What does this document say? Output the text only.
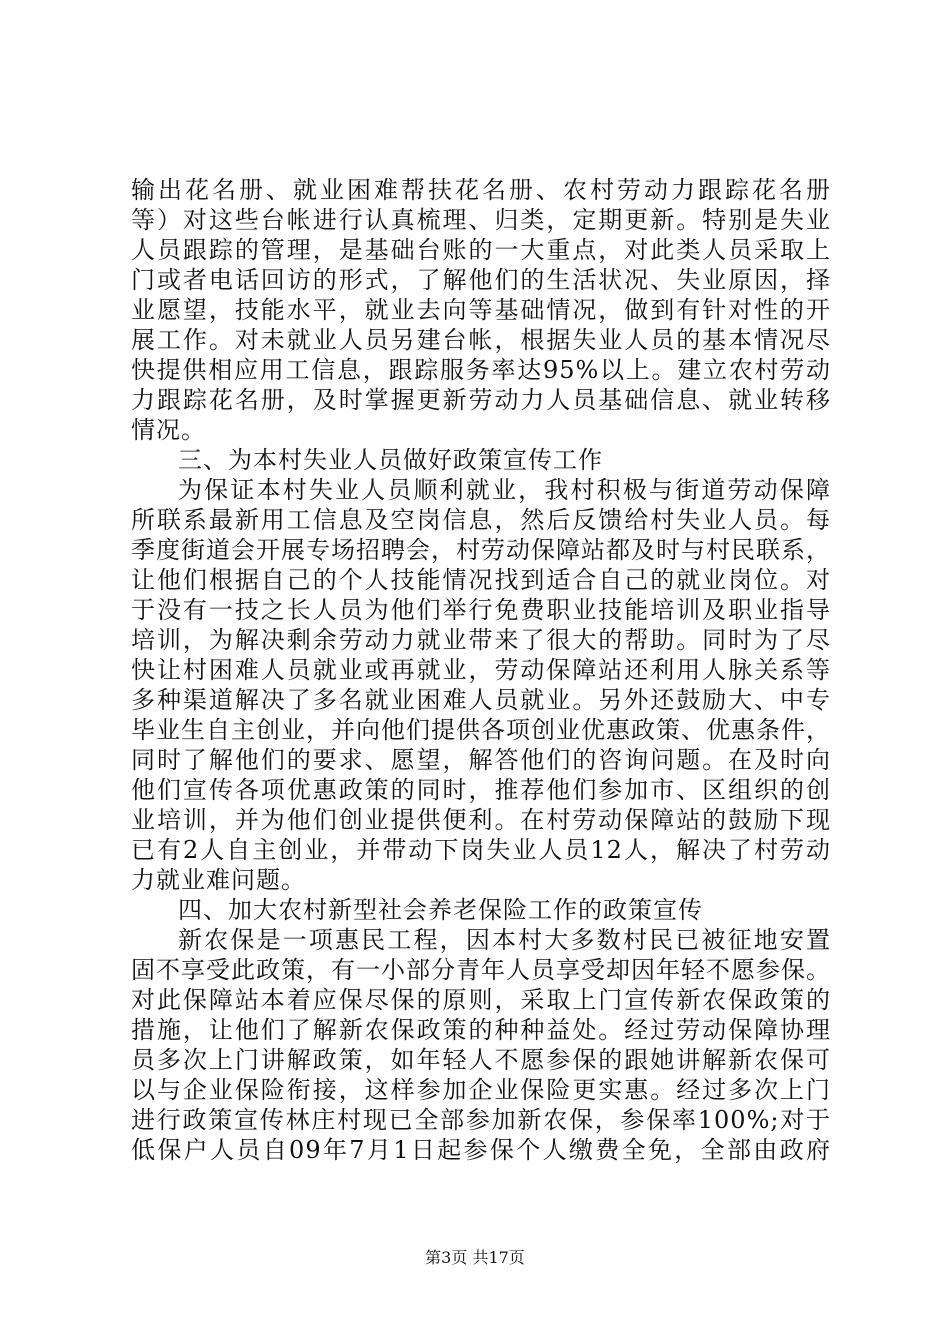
输出花名册、就业困难帮扶花名册、农村劳动力跟踪花名册
等）对这些台帐进行认真梳理、归类，定期更新。特别是失业
人员跟踪的管理，是基础台账的一大重点，对此类人员采取上
门或者电话回访的形式，了解他们的生活状况、失业原因，择
业愿望，技能水平，就业去向等基础情况，做到有针对性的开
展工作。对未就业人员另建台帐，根据失业人员的基本情况尽
快提供相应用工信息，跟踪服务率达95%以上。建立农村劳动
力跟踪花名册，及时掌握更新劳动力人员基础信息、就业转移
情况。
三、为本村失业人员做好政策宣传工作
为保证本村失业人员顺利就业，我村积极与街道劳动保障
所联系最新用工信息及空岗信息，然后反馈给村失业人员。每
季度街道会开展专场招聘会，村劳动保障站都及时与村民联系，
让他们根据自己的个人技能情况找到适合自己的就业岗位。对
于没有一技之长人员为他们举行免费职业技能培训及职业指导
培训，为解决剩余劳动力就业带来了很大的帮助。同时为了尽
快让村困难人员就业或再就业，劳动保障站还利用人脉关系等
多种渠道解决了多名就业困难人员就业。另外还鼓励大、中专
毕业生自主创业，并向他们提供各项创业优惠政策、优惠条件，
同时了解他们的要求、愿望，解答他们的咨询问题。在及时向
他们宣传各项优惠政策的同时，推荐他们参加市、区组织的创
业培训，并为他们创业提供便利。在村劳动保障站的鼓励下现
已有2人自主创业，并带动下岗失业人员12人，解决了村劳动
力就业难问题。
四、加大农村新型社会养老保险工作的政策宣传
新农保是一项惠民工程，因本村大多数村民已被征地安置
固不享受此政策，有一小部分青年人员享受却因年轻不愿参保。
对此保障站本着应保尽保的原则，采取上门宣传新农保政策的
措施，让他们了解新农保政策的种种益处。经过劳动保障协理
员多次上门讲解政策，如年轻人不愿参保的跟她讲解新农保可
以与企业保险衔接，这样参加企业保险更实惠。经过多次上门
进行政策宣传林庄村现已全部参加新农保，参保率100%;对于
低保户人员自09年7月1日起参保个人缴费全免，全部由政府
第3页 共17页
